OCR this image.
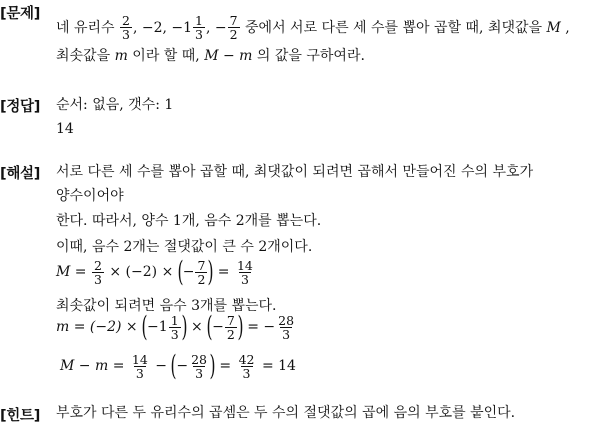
[문제]
네 유리수
$\frac{2}{3}$ , −2, $-1 \frac{1}{3}$ , − $\frac{7}{2}$
중에서 서로 다른 세 수를 뽑아 곱할 때, 최댓값을
M
,
최솟값을 m 이라 할 때, M − m 의 값을 구하여라.
[정답] 순서: 없음, 갯수: 1
14
[해설] 서로 다른 세 수를 뽑아 곱할 때, 최댓값이 되려면 곱해서 만들어진 수의 부호가
양수이어야
한다. 따라서, 양수 1개, 음수 2개를 뽑는다.
이때, 음수 2개는 절댓값이 큰 수 2개이다.
M =
$\frac{2}{3}$
× (−2) ×
( − $\frac{7}{2}$ )
=
$\frac{14}{3}$
최솟값이 되려면 음수 3개를 뽑는다.
m = (−2) ×
( $-1 \frac{1}{3}$ )
×
( − $\frac{7}{2}$ )
= − $\frac{28}{3}$
M − m =
$\frac{14}{3}$
−
( − $\frac{28}{3}$ )
=
$\frac{42}{3}$
= 14
[힌트] 부호가 다른 두 유리수의 곱셈은 두 수의 절댓값의 곱에 음의 부호를 붙인다.
